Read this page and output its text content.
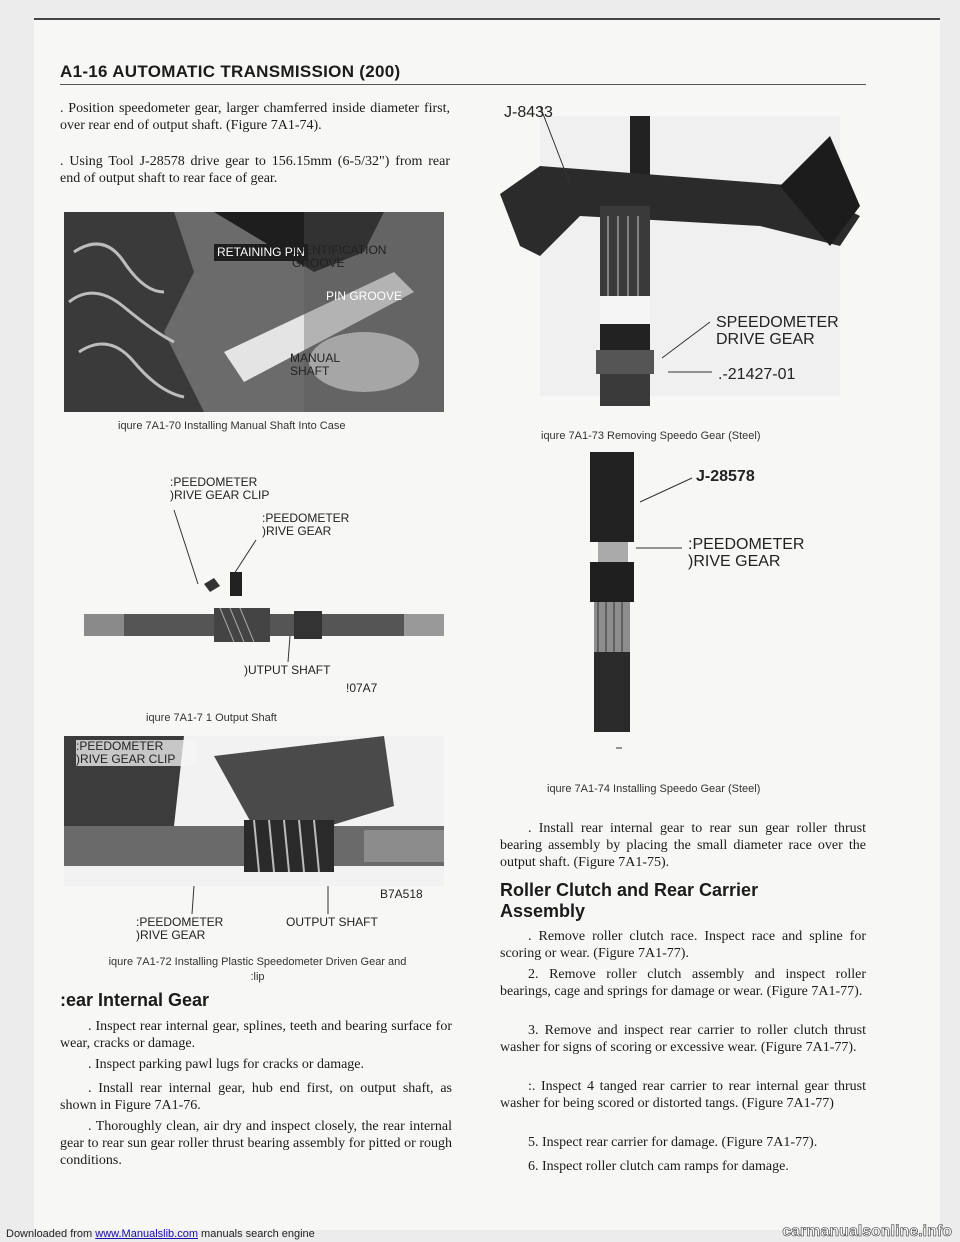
A1-16 AUTOMATIC TRANSMISSION (200)
. Position speedometer gear, larger chamferred inside diameter first, over rear end of output shaft. (Figure 7A1-74).
. Using Tool J-28578 drive gear to 156.15mm (6-5/32") from rear end of output shaft to rear face of gear.
RETAINING PIN
IDENTIFICATION GROOVE
PIN GROOVE
MANUAL SHAFT
iqure 7A1-70 Installing Manual Shaft Into Case
:PEEDOMETER )RIVE GEAR CLIP
:PEEDOMETER )RIVE GEAR
)UTPUT SHAFT
!07A7
iqure 7A1-7 1 Output Shaft
:PEEDOMETER )RIVE GEAR CLIP
B7A518
:PEEDOMETER )RIVE GEAR
OUTPUT SHAFT
iqure 7A1-72 Installing Plastic Speedometer Driven Gear and
:lip
:ear Internal Gear
. Inspect rear internal gear, splines, teeth and bearing surface for wear, cracks or damage.
. Inspect parking pawl lugs for cracks or damage.
. Install rear internal gear, hub end first, on output shaft, as shown in Figure 7A1-76.
. Thoroughly clean, air dry and inspect closely, the rear internal gear to rear sun gear roller thrust bearing assembly for pitted or rough conditions.
J-8433
SPEEDOMETER DRIVE GEAR
.-21427-01
iqure 7A1-73 Removing Speedo Gear (Steel)
J-28578
:PEEDOMETER )RIVE GEAR
iqure 7A1-74 Installing Speedo Gear (Steel)
. Install rear internal gear to rear sun gear roller thrust bearing assembly by placing the small diameter race over the output shaft. (Figure 7A1-75).
Roller Clutch and Rear Carrier
Assembly
. Remove roller clutch race. Inspect race and spline for scoring or wear. (Figure 7A1-77).
2. Remove roller clutch assembly and inspect roller bearings, cage and springs for damage or wear. (Figure 7A1-77).
3. Remove and inspect rear carrier to roller clutch thrust washer for signs of scoring or excessive wear. (Figure 7A1-77).
:. Inspect 4 tanged rear carrier to rear internal gear thrust washer for being scored or distorted tangs. (Figure 7A1-77)
5. Inspect rear carrier for damage. (Figure 7A1-77).
6. Inspect roller clutch cam ramps for damage.
Downloaded from www.Manualslib.com manuals search engine	carmanualsonline.info
